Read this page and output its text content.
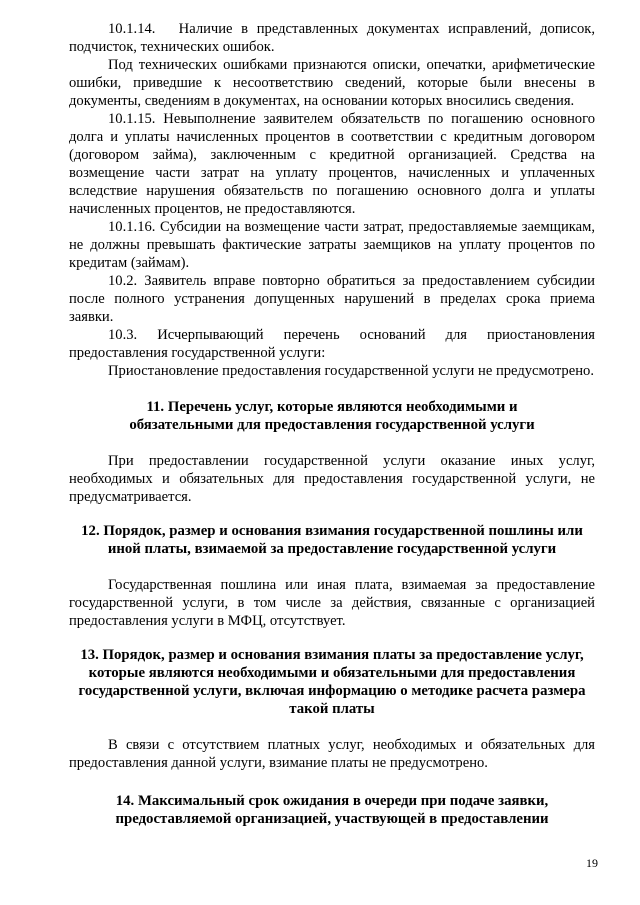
10.1.14.  Наличие в представленных документах исправлений, дописок, подчисток, технических ошибок.

Под технических ошибками признаются описки, опечатки, арифметические ошибки, приведшие к несоответствию сведений, которые были внесены в документы, сведениям в документах, на основании которых вносились сведения.

10.1.15. Невыполнение заявителем обязательств по погашению основного долга и уплаты начисленных процентов в соответствии с кредитным договором (договором займа), заключенным с кредитной организацией. Средства на возмещение части затрат на уплату процентов, начисленных и уплаченных вследствие нарушения обязательств по погашению основного долга и уплаты начисленных процентов, не предоставляются.

10.1.16. Субсидии на возмещение части затрат, предоставляемые заемщикам, не должны превышать фактические затраты заемщиков на уплату процентов по кредитам (займам).

10.2. Заявитель вправе повторно обратиться за предоставлением субсидии после полного устранения допущенных нарушений в пределах срока приема заявки.

10.3. Исчерпывающий перечень оснований для приостановления предоставления государственной услуги:

Приостановление предоставления государственной услуги не предусмотрено.

11. Перечень услуг, которые являются необходимыми и
обязательными для предоставления государственной услуги

При предоставлении государственной услуги оказание иных услуг, необходимых и обязательных для предоставления государственной услуги, не предусматривается.

12. Порядок, размер и основания взимания государственной пошлины или
иной платы, взимаемой за предоставление государственной услуги

Государственная пошлина или иная плата, взимаемая за предоставление государственной услуги, в том числе за действия, связанные с организацией предоставления услуги в МФЦ, отсутствует.

13. Порядок, размер и основания взимания платы за предоставление услуг,
которые являются необходимыми и обязательными для предоставления
государственной услуги, включая информацию о методике расчета размера
такой платы

В связи с отсутствием платных услуг, необходимых и обязательных для предоставления данной услуги, взимание платы не предусмотрено.

14. Максимальный срок ожидания в очереди при подаче заявки,
предоставляемой организацией, участвующей в предоставлении
19
